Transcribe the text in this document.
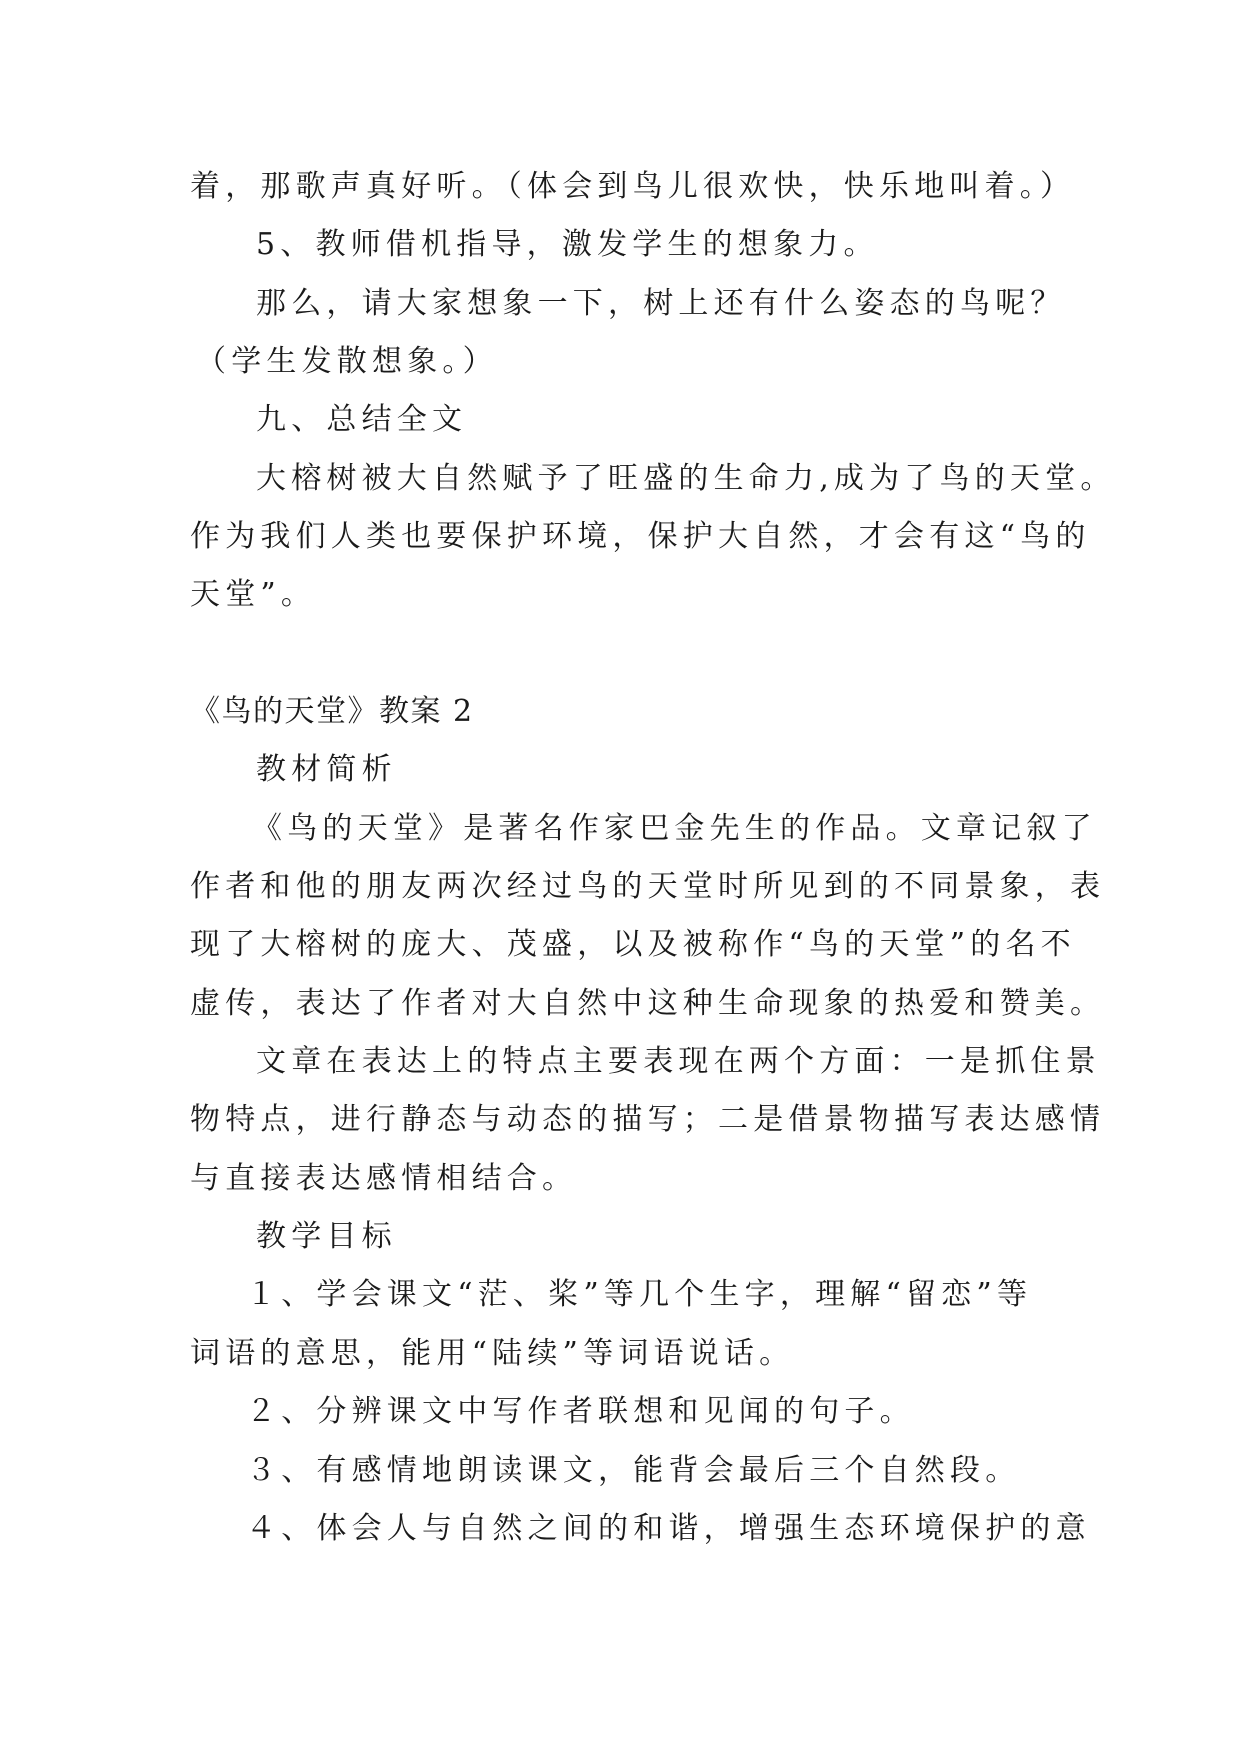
着，那歌声真好听。（体会到鸟儿很欢快，快乐地叫着。）
5、教师借机指导，激发学生的想象力。
那么，请大家想象一下，树上还有什么姿态的鸟呢？
（学生发散想象。）
九、总结全文
大榕树被大自然赋予了旺盛的生命力,成为了鸟的天堂。
作为我们人类也要保护环境，保护大自然，才会有这“鸟的
天堂”。
《鸟的天堂》教案 2
教材简析
《鸟的天堂》是著名作家巴金先生的作品。文章记叙了
作者和他的朋友两次经过鸟的天堂时所见到的不同景象，表
现了大榕树的庞大、茂盛，以及被称作“鸟的天堂”的名不
虚传，表达了作者对大自然中这种生命现象的热爱和赞美。
文章在表达上的特点主要表现在两个方面：一是抓住景
物特点，进行静态与动态的描写；二是借景物描写表达感情
与直接表达感情相结合。
教学目标
１、学会课文“茫、桨”等几个生字，理解“留恋”等
词语的意思，能用“陆续”等词语说话。
２、分辨课文中写作者联想和见闻的句子。
３、有感情地朗读课文，能背会最后三个自然段。
４、体会人与自然之间的和谐，增强生态环境保护的意
